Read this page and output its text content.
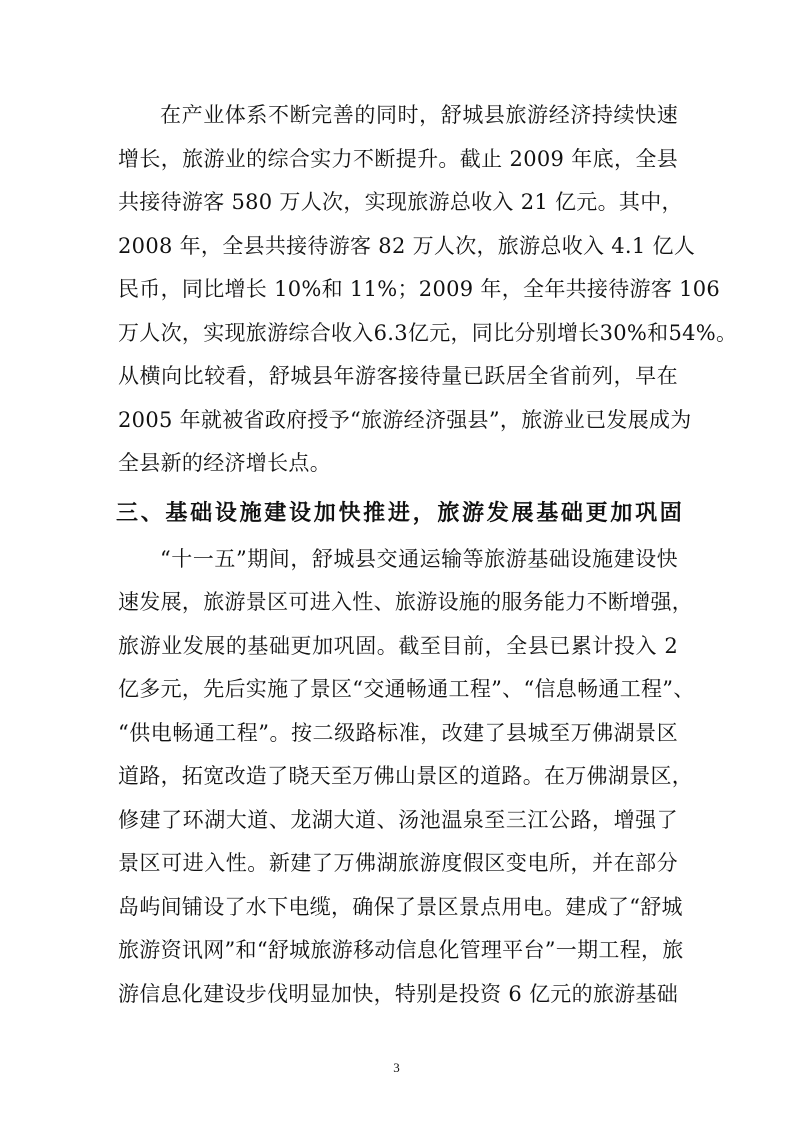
在产业体系不断完善的同时，舒城县旅游经济持续快速
增长，旅游业的综合实力不断提升。截止 2009 年底，全县
共接待游客 580 万人次，实现旅游总收入 21 亿元。其中，
2008 年，全县共接待游客 82 万人次，旅游总收入 4.1 亿人
民币，同比增长 10%和 11%；2009 年，全年共接待游客 106
万人次，实现旅游综合收入6.3亿元，同比分别增长30%和54%。
从横向比较看，舒城县年游客接待量已跃居全省前列，早在
2005 年就被省政府授予“旅游经济强县”，旅游业已发展成为
全县新的经济增长点。
三、基础设施建设加快推进，旅游发展基础更加巩固
“十一五”期间，舒城县交通运输等旅游基础设施建设快
速发展，旅游景区可进入性、旅游设施的服务能力不断增强，
旅游业发展的基础更加巩固。截至目前，全县已累计投入 2
亿多元，先后实施了景区“交通畅通工程”、“信息畅通工程”、
“供电畅通工程”。按二级路标准，改建了县城至万佛湖景区
道路，拓宽改造了晓天至万佛山景区的道路。在万佛湖景区，
修建了环湖大道、龙湖大道、汤池温泉至三江公路，增强了
景区可进入性。新建了万佛湖旅游度假区变电所，并在部分
岛屿间铺设了水下电缆，确保了景区景点用电。建成了“舒城
旅游资讯网”和“舒城旅游移动信息化管理平台”一期工程，旅
游信息化建设步伐明显加快，特别是投资 6 亿元的旅游基础
3
